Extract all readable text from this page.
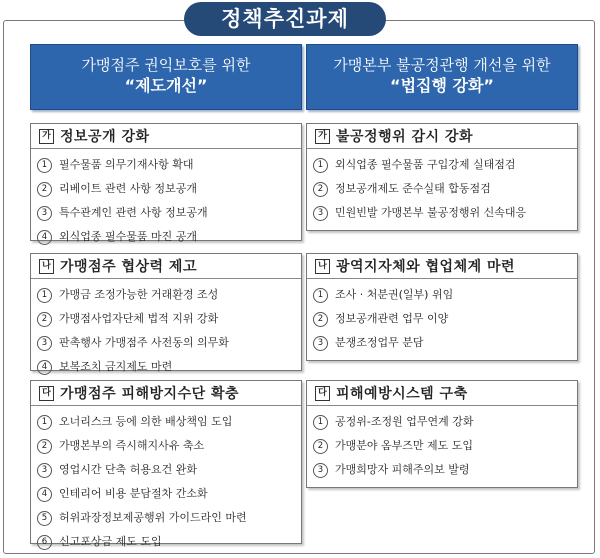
정책추진과제
가맹점주 권익보호를 위한
“제도개선”
가 정보공개 강화
1	필수물품 의무기재사항 확대
2	리베이트 관련 사항 정보공개
3	특수관계인 관련 사항 정보공개
4	외식업종 필수물품 마진 공개
나 가맹점주 협상력 제고
1	가맹금 조정가능한 거래환경 조성
2	가맹점사업자단체 법적 지위 강화
3	판촉행사 가맹점주 사전동의 의무화
4	보복조치 금지제도 마련
다 가맹점주 피해방지수단 확충
1	오너리스크 등에 의한 배상책임 도입
2	가맹본부의 즉시해지사유 축소
3	영업시간 단축 허용요건 완화
4	인테리어 비용 분담절차 간소화
5	허위과장정보제공행위 가이드라인 마련
6	신고포상금 제도 도입
가맹본부 불공정관행 개선을 위한
“법집행 강화”
가 불공정행위 감시 강화
1	외식업종 필수물품 구입강제 실태점검
2	정보공개제도 준수실태 합동점검
3	민원빈발 가맹본부 불공정행위 신속대응
나 광역지자체와 협업체계 마련
1	조사 · 처분권(일부) 위임
2	정보공개관련 업무 이양
3	분쟁조정업무 분담
다 피해예방시스템 구축
1	공정위-조정원 업무연계 강화
2	가맹분야 옴부즈만 제도 도입
3	가맹희망자 피해주의보 발령
